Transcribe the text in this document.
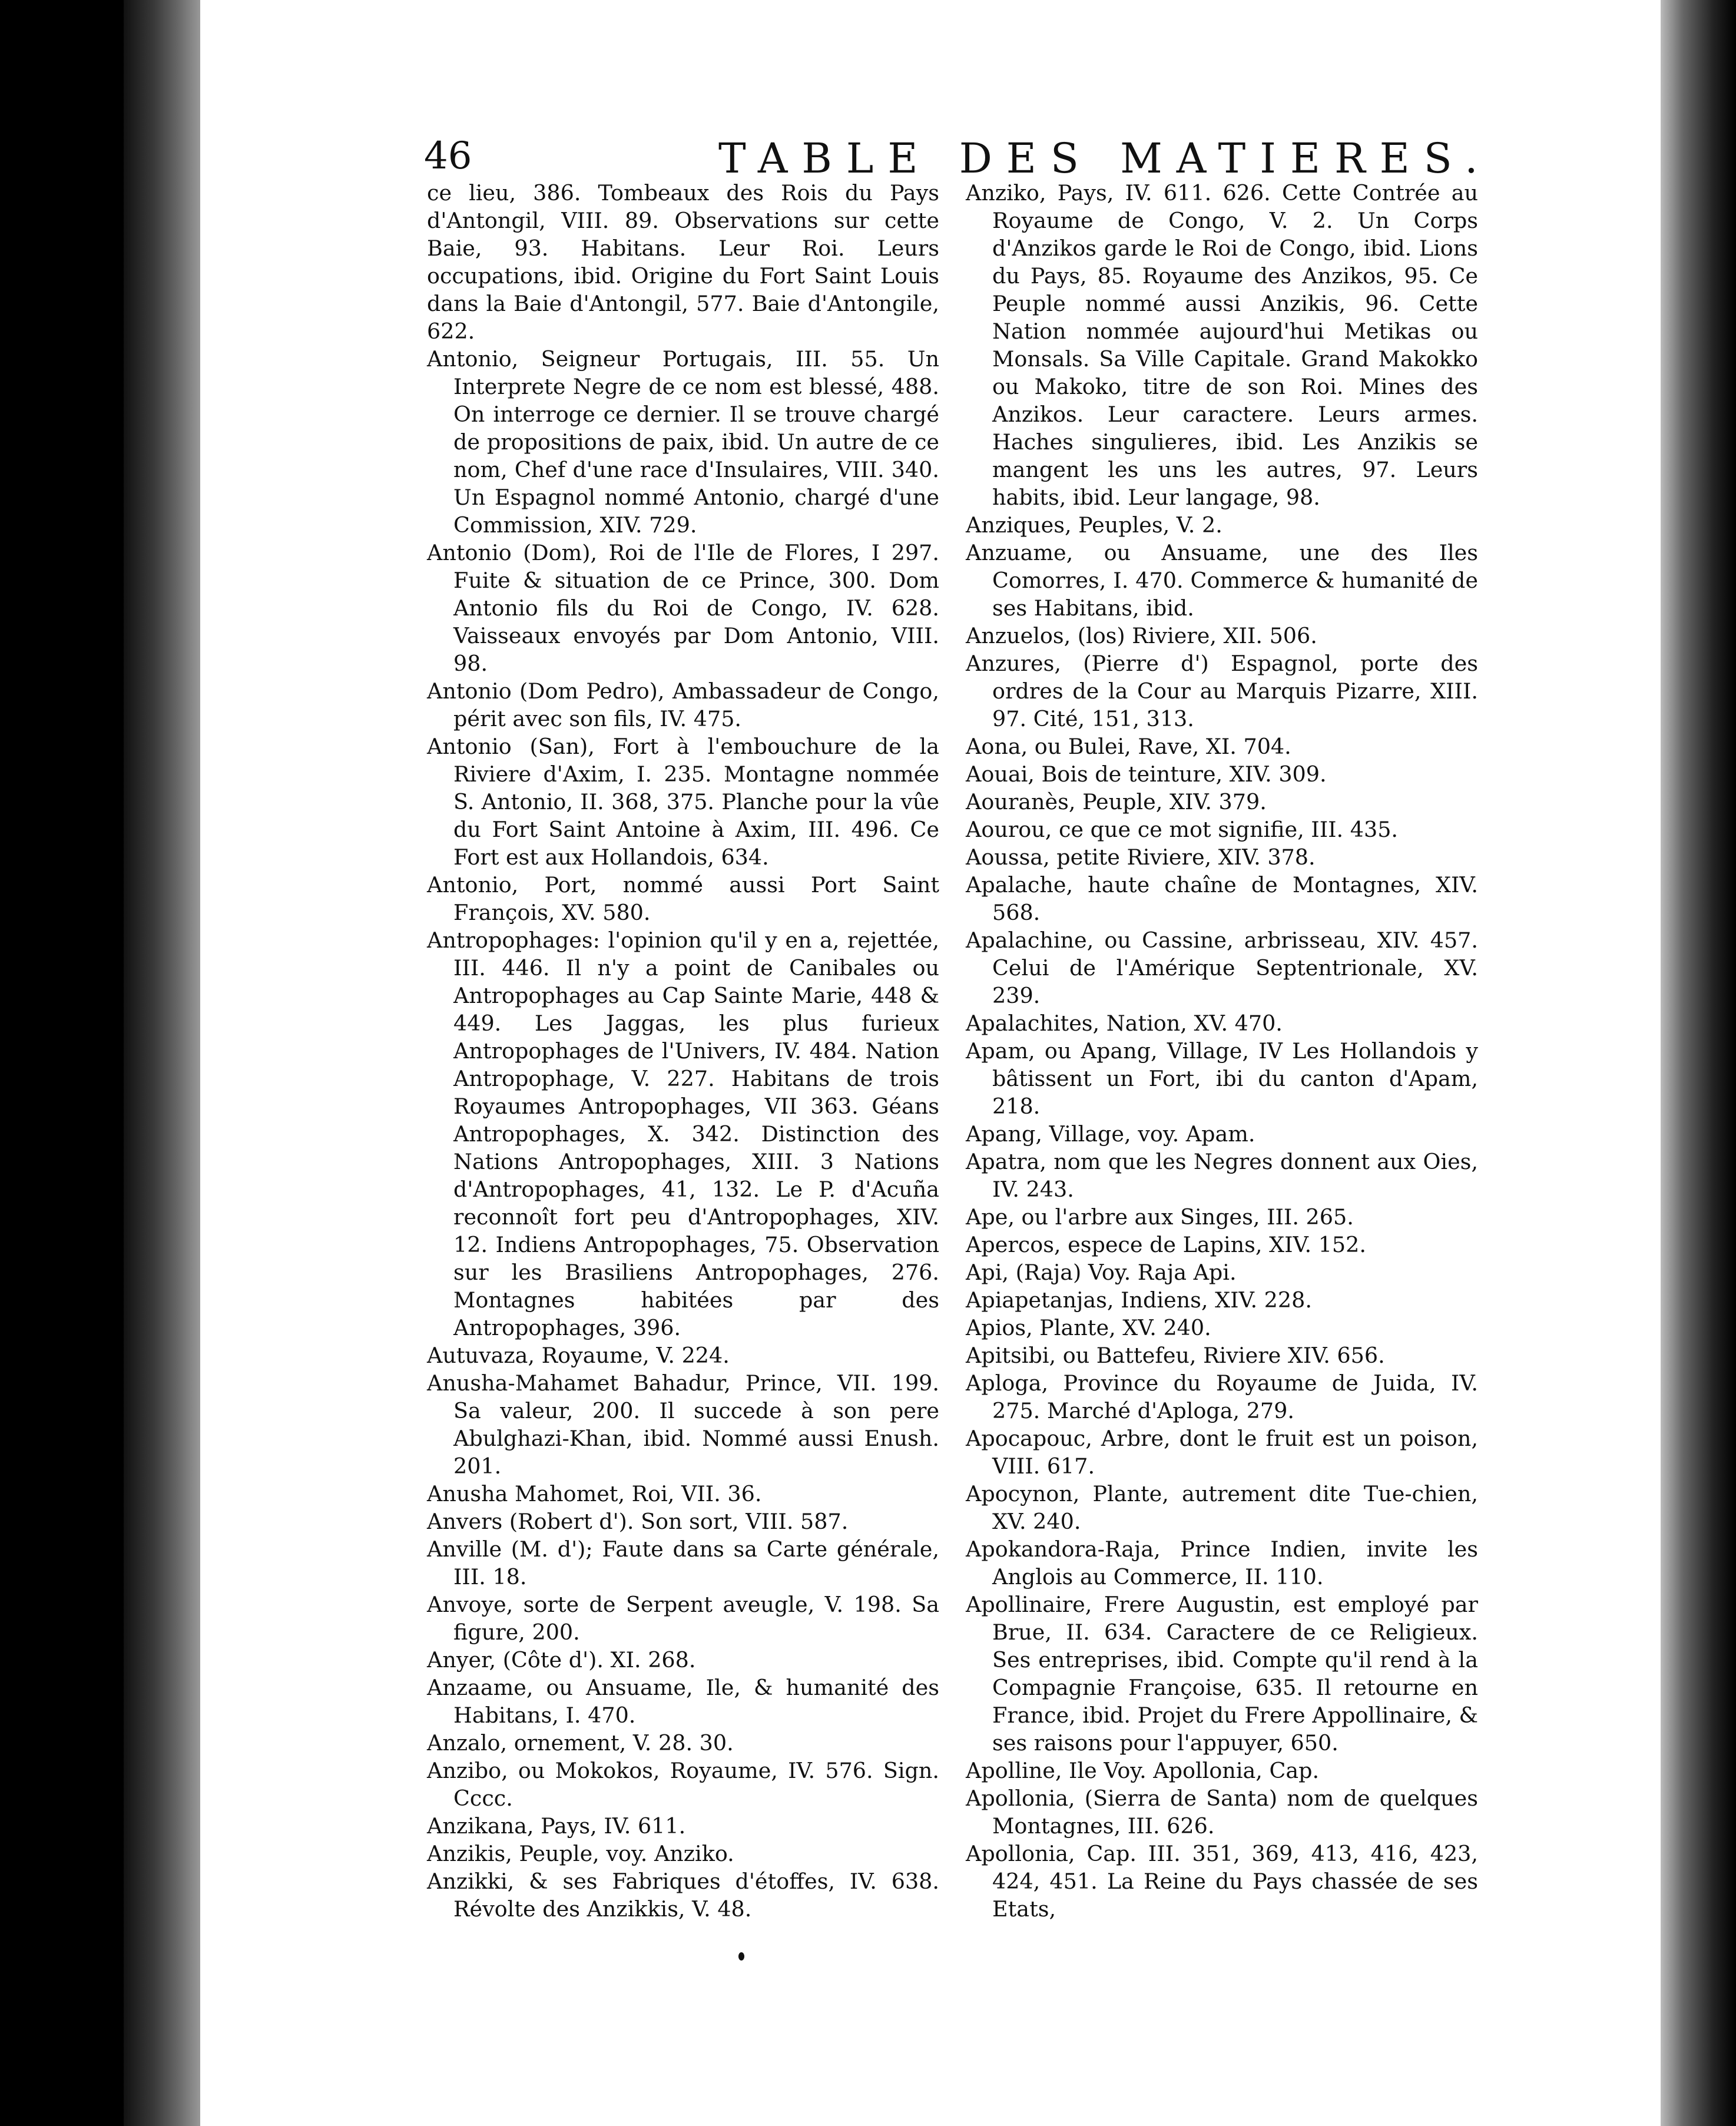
46	TABLE DES MATIERES.

ce lieu, 386. Tombeaux des Rois du Pays d'Antongil, VIII. 89. Observations sur cette Baie, 93. Habitans. Leur Roi. Leurs occupations, ibid. Origine du Fort Saint Louis dans la Baie d'Antongil, 577. Baie d'Antongile, 622.

Antonio, Seigneur Portugais, III. 55. Un Interprete Negre de ce nom est blessé, 488. On interroge ce dernier. Il se trouve chargé de propositions de paix, ibid. Un autre de ce nom, Chef d'une race d'Insulaires, VIII. 340. Un Espagnol nommé Antonio, chargé d'une Commission, XIV. 729.

Antonio (Dom), Roi de l'Ile de Flores, I 297. Fuite & situation de ce Prince, 300. Dom Antonio fils du Roi de Congo, IV. 628. Vaisseaux envoyés par Dom Antonio, VIII. 98.

Antonio (Dom Pedro), Ambassadeur de Congo, périt avec son fils, IV. 475.

Antonio (San), Fort à l'embouchure de la Riviere d'Axim, I. 235. Montagne nommée S. Antonio, II. 368, 375. Planche pour la vûe du Fort Saint Antoine à Axim, III. 496. Ce Fort est aux Hollandois, 634.

Antonio, Port, nommé aussi Port Saint François, XV. 580.

Antropophages: l'opinion qu'il y en a, rejettée, III. 446. Il n'y a point de Canibales ou Antropophages au Cap Sainte Marie, 448 & 449. Les Jaggas, les plus furieux Antropophages de l'Univers, IV. 484. Nation Antropophage, V. 227. Habitans de trois Royaumes Antropophages, VII 363. Géans Antropophages, X. 342. Distinction des Nations Antropophages, XIII. 3 Nations d'Antropophages, 41, 132. Le P. d'Acuña reconnoît fort peu d'Antropophages, XIV. 12. Indiens Antropophages, 75. Observation sur les Brasiliens Antropophages, 276. Montagnes habitées par des Antropophages, 396.

Autuvaza, Royaume, V. 224.

Anusha-Mahamet Bahadur, Prince, VII. 199. Sa valeur, 200. Il succede à son pere Abulghazi-Khan, ibid. Nommé aussi Enush. 201.

Anusha Mahomet, Roi, VII. 36.

Anvers (Robert d'). Son sort, VIII. 587.

Anville (M. d'); Faute dans sa Carte générale, III. 18.

Anvoye, sorte de Serpent aveugle, V. 198. Sa figure, 200.

Anyer, (Côte d'). XI. 268.

Anzaame, ou Ansuame, Ile, & humanité des Habitans, I. 470.

Anzalo, ornement, V. 28. 30.

Anzibo, ou Mokokos, Royaume, IV. 576. Sign. Cccc.

Anzikana, Pays, IV. 611.

Anzikis, Peuple, voy. Anziko.

Anzikki, & ses Fabriques d'étoffes, IV. 638. Révolte des Anzikkis, V. 48.

Anziko, Pays, IV. 611. 626. Cette Contrée au Royaume de Congo, V. 2. Un Corps d'Anzikos garde le Roi de Congo, ibid. Lions du Pays, 85. Royaume des Anzikos, 95. Ce Peuple nommé aussi Anzikis, 96. Cette Nation nommée aujourd'hui Metikas ou Monsals. Sa Ville Capitale. Grand Makokko ou Makoko, titre de son Roi. Mines des Anzikos. Leur caractere. Leurs armes. Haches singulieres, ibid. Les Anzikis se mangent les uns les autres, 97. Leurs habits, ibid. Leur langage, 98.

Anziques, Peuples, V. 2.

Anzuame, ou Ansuame, une des Iles Comorres, I. 470. Commerce & humanité de ses Habitans, ibid.

Anzuelos, (los) Riviere, XII. 506.

Anzures, (Pierre d') Espagnol, porte des ordres de la Cour au Marquis Pizarre, XIII. 97. Cité, 151, 313.

Aona, ou Bulei, Rave, XI. 704.

Aouai, Bois de teinture, XIV. 309.

Aouranès, Peuple, XIV. 379.

Aourou, ce que ce mot signifie, III. 435.

Aoussa, petite Riviere, XIV. 378.

Apalache, haute chaîne de Montagnes, XIV. 568.

Apalachine, ou Cassine, arbrisseau, XIV. 457. Celui de l'Amérique Septentrionale, XV. 239.

Apalachites, Nation, XV. 470.

Apam, ou Apang, Village, IV Les Hollandois y bâtissent un Fort, ibi du canton d'Apam, 218.

Apang, Village, voy. Apam.

Apatra, nom que les Negres donnent aux Oies, IV. 243.

Ape, ou l'arbre aux Singes, III. 265.

Apercos, espece de Lapins, XIV. 152.

Api, (Raja) Voy. Raja Api.

Apiapetanjas, Indiens, XIV. 228.

Apios, Plante, XV. 240.

Apitsibi, ou Battefeu, Riviere XIV. 656.

Aploga, Province du Royaume de Juida, IV. 275. Marché d'Aploga, 279.

Apocapouc, Arbre, dont le fruit est un poison, VIII. 617.

Apocynon, Plante, autrement dite Tue-chien, XV. 240.

Apokandora-Raja, Prince Indien, invite les Anglois au Commerce, II. 110.

Apollinaire, Frere Augustin, est employé par Brue, II. 634. Caractere de ce Religieux. Ses entreprises, ibid. Compte qu'il rend à la Compagnie Françoise, 635. Il retourne en France, ibid. Projet du Frere Appollinaire, & ses raisons pour l'appuyer, 650.

Apolline, Ile Voy. Apollonia, Cap.

Apollonia, (Sierra de Santa) nom de quelques Montagnes, III. 626.

Apollonia, Cap. III. 351, 369, 413, 416, 423, 424, 451. La Reine du Pays chassée de ses Etats,
